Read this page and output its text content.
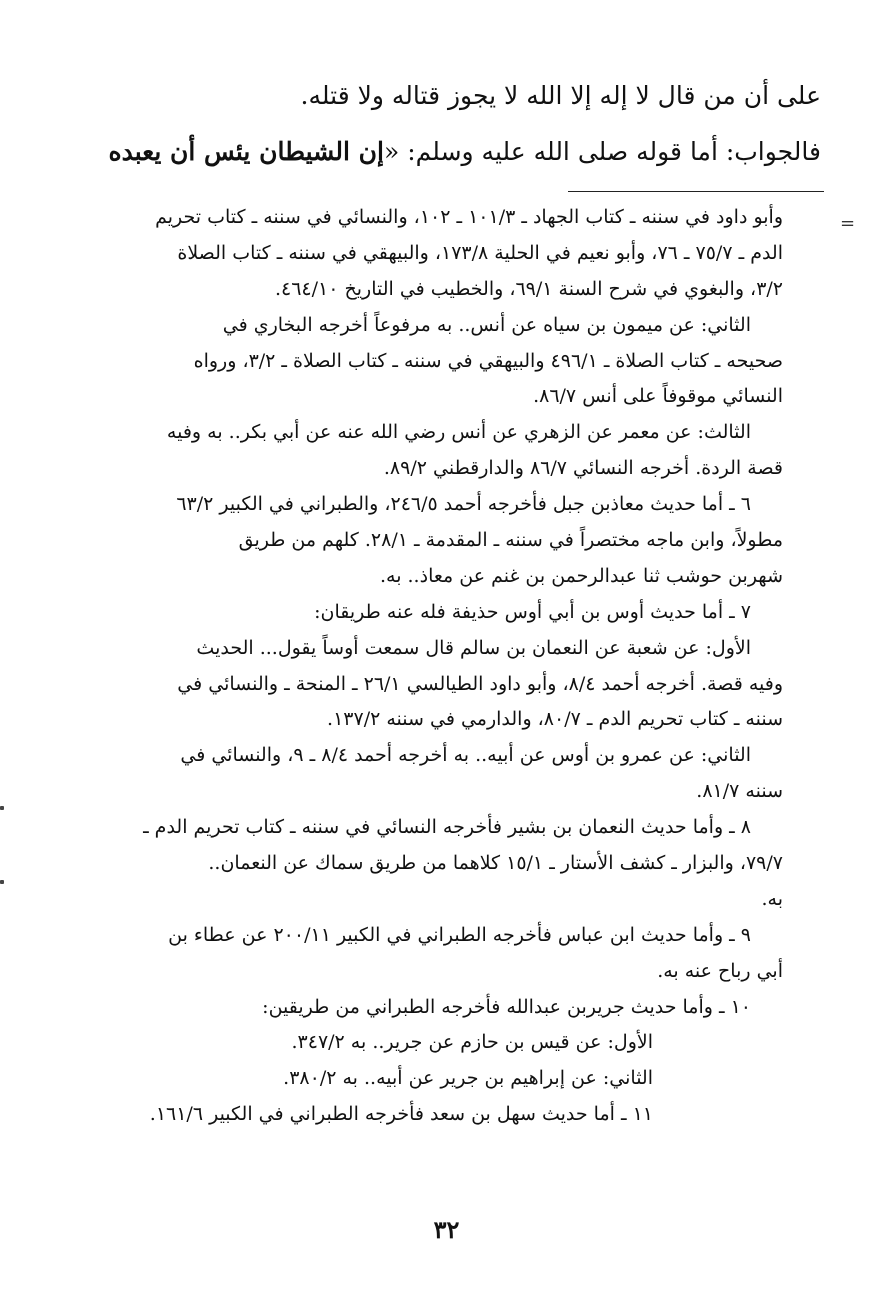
على أن من قال لا إله إلا الله لا يجوز قتاله ولا قتله.
فالجواب: أما قوله صلى الله عليه وسلم: «إن الشيطان يئس أن يعبده
=
وأبو داود في سننه ـ كتاب الجهاد ـ ١٠١/٣ ـ ١٠٢، والنسائي في سننه ـ كتاب تحريم
الدم ـ ٧٥/٧ ـ ٧٦، وأبو نعيم في الحلية ١٧٣/٨، والبيهقي في سننه ـ كتاب الصلاة
٣/٢، والبغوي في شرح السنة ٦٩/١، والخطيب في التاريخ ٤٦٤/١٠.
الثاني: عن ميمون بن سياه عن أنس.. به مرفوعاً أخرجه البخاري في
صحيحه ـ كتاب الصلاة ـ ٤٩٦/١ والبيهقي في سننه ـ كتاب الصلاة ـ ٣/٢، ورواه
النسائي موقوفاً على أنس ٨٦/٧.
الثالث: عن معمر عن الزهري عن أنس رضي الله عنه عن أبي بكر.. به وفيه
قصة الردة. أخرجه النسائي ٨٦/٧ والدارقطني ٨٩/٢.
٦ ـ أما حديث معاذبن جبل فأخرجه أحمد ٢٤٦/٥، والطبراني في الكبير ٦٣/٢
مطولاً، وابن ماجه مختصراً في سننه ـ المقدمة ـ ٢٨/١. كلهم من طريق
شهربن حوشب ثنا عبدالرحمن بن غنم عن معاذ.. به.
٧ ـ أما حديث أوس بن أبي أوس حذيفة فله عنه طريقان:
الأول: عن شعبة عن النعمان بن سالم قال سمعت أوساً يقول... الحديث
وفيه قصة. أخرجه أحمد ٨/٤، وأبو داود الطيالسي ٢٦/١ ـ المنحة ـ والنسائي في
سننه ـ كتاب تحريم الدم ـ ٨٠/٧، والدارمي في سننه ١٣٧/٢.
الثاني: عن عمرو بن أوس عن أبيه.. به أخرجه أحمد ٨/٤ ـ ٩، والنسائي في
سننه ٨١/٧.
٨ ـ وأما حديث النعمان بن بشير فأخرجه النسائي في سننه ـ كتاب تحريم الدم ـ
٧٩/٧، والبزار ـ كشف الأستار ـ ١٥/١ كلاهما من طريق سماك عن النعمان..
به.
٩ ـ وأما حديث ابن عباس فأخرجه الطبراني في الكبير ٢٠٠/١١ عن عطاء بن
أبي رباح عنه به.
١٠ ـ وأما حديث جريربن عبدالله فأخرجه الطبراني من طريقين:
الأول: عن قيس بن حازم عن جرير.. به ٣٤٧/٢.
الثاني: عن إبراهيم بن جرير عن أبيه.. به ٣٨٠/٢.
١١ ـ أما حديث سهل بن سعد فأخرجه الطبراني في الكبير ١٦١/٦.
٣٢
